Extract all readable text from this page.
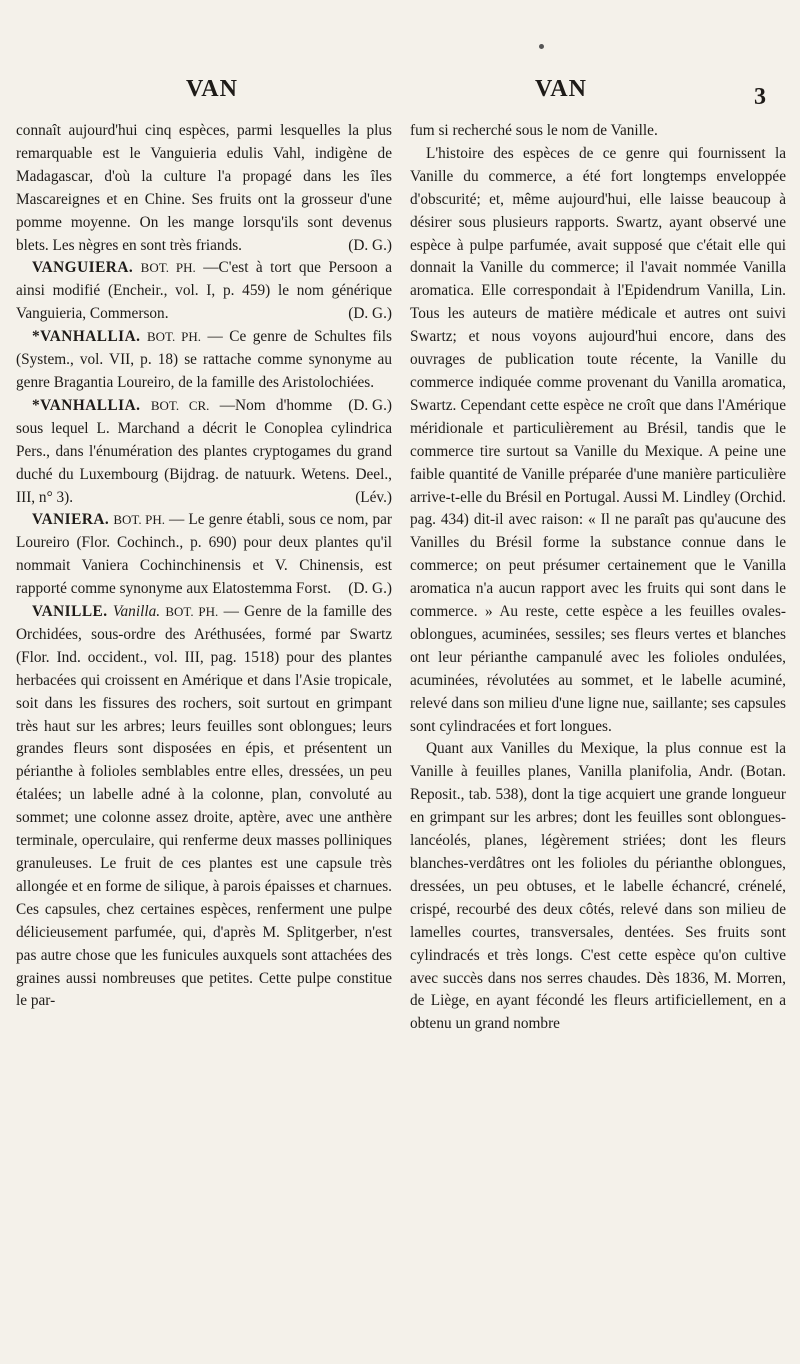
VAN	VAN	3

connaît aujourd'hui cinq espèces, parmi lesquelles la plus remarquable est le Vanguieria edulis Vahl, indigène de Madagascar, d'où la culture l'a propagé dans les îles Mascareignes et en Chine. Ses fruits ont la grosseur d'une pomme moyenne. On les mange lorsqu'ils sont devenus blets. Les nègres en sont très friands.	(D. G.)

VANGUIERA. BOT. PH. —C'est à tort que Persoon a ainsi modifié (Encheir., vol. I, p. 459) le nom générique Vanguieria, Commerson.	(D. G.)

*VANHALLIA. BOT. PH. — Ce genre de Schultes fils (System., vol. VII, p. 18) se rattache comme synonyme au genre Bragantia Loureiro, de la famille des Aristolochiées.
(D. G.)

*VANHALLIA. BOT. CR. —Nom d'homme sous lequel L. Marchand a décrit le Conoplea cylindrica Pers., dans l'énumération des plantes cryptogames du grand duché du Luxembourg (Bijdrag. de natuurk. Wetens. Deel., III, n° 3).	(Lév.)

VANIERA. BOT. PH. — Le genre établi, sous ce nom, par Loureiro (Flor. Cochinch., p. 690) pour deux plantes qu'il nommait Vaniera Cochinchinensis et V. Chinensis, est rapporté comme synonyme aux Elatostemma Forst.	(D. G.)

VANILLE. Vanilla. BOT. PH. — Genre de la famille des Orchidées, sous-ordre des Aréthusées, formé par Swartz (Flor. Ind. occident., vol. III, pag. 1518) pour des plantes herbacées qui croissent en Amérique et dans l'Asie tropicale, soit dans les fissures des rochers, soit surtout en grimpant très haut sur les arbres; leurs feuilles sont oblongues; leurs grandes fleurs sont disposées en épis, et présentent un périanthe à folioles semblables entre elles, dressées, un peu étalées; un labelle adné à la colonne, plan, convoluté au sommet; une colonne assez droite, aptère, avec une anthère terminale, operculaire, qui renferme deux masses polliniques granuleuses. Le fruit de ces plantes est une capsule très allongée et en forme de silique, à parois épaisses et charnues. Ces capsules, chez certaines espèces, renferment une pulpe délicieusement parfumée, qui, d'après M. Splitgerber, n'est pas autre chose que les funicules auxquels sont attachées des graines aussi nombreuses que petites. Cette pulpe constitue le par-

fum si recherché sous le nom de Vanille.

L'histoire des espèces de ce genre qui fournissent la Vanille du commerce, a été fort longtemps enveloppée d'obscurité; et, même aujourd'hui, elle laisse beaucoup à désirer sous plusieurs rapports. Swartz, ayant observé une espèce à pulpe parfumée, avait supposé que c'était elle qui donnait la Vanille du commerce; il l'avait nommée Vanilla aromatica. Elle correspondait à l'Epidendrum Vanilla, Lin. Tous les auteurs de matière médicale et autres ont suivi Swartz; et nous voyons aujourd'hui encore, dans des ouvrages de publication toute récente, la Vanille du commerce indiquée comme provenant du Vanilla aromatica, Swartz. Cependant cette espèce ne croît que dans l'Amérique méridionale et particulièrement au Brésil, tandis que le commerce tire surtout sa Vanille du Mexique. A peine une faible quantité de Vanille préparée d'une manière particulière arrive-t-elle du Brésil en Portugal. Aussi M. Lindley (Orchid. pag. 434) dit-il avec raison: « Il ne paraît pas qu'aucune des Vanilles du Brésil forme la substance connue dans le commerce; on peut présumer certainement que le Vanilla aromatica n'a aucun rapport avec les fruits qui sont dans le commerce. » Au reste, cette espèce a les feuilles ovales-oblongues, acuminées, sessiles; ses fleurs vertes et blanches ont leur périanthe campanulé avec les folioles ondulées, acuminées, révolutées au sommet, et le labelle acuminé, relevé dans son milieu d'une ligne nue, saillante; ses capsules sont cylindracées et fort longues.

Quant aux Vanilles du Mexique, la plus connue est la Vanille à feuilles planes, Vanilla planifolia, Andr. (Botan. Reposit., tab. 538), dont la tige acquiert une grande longueur en grimpant sur les arbres; dont les feuilles sont oblongues-lancéolés, planes, légèrement striées; dont les fleurs blanches-verdâtres ont les folioles du périanthe oblongues, dressées, un peu obtuses, et le labelle échancré, crénelé, crispé, recourbé des deux côtés, relevé dans son milieu de lamelles courtes, transversales, dentées. Ses fruits sont cylindracés et très longs. C'est cette espèce qu'on cultive avec succès dans nos serres chaudes. Dès 1836, M. Morren, de Liège, en ayant fécondé les fleurs artificiellement, en a obtenu un grand nombre
